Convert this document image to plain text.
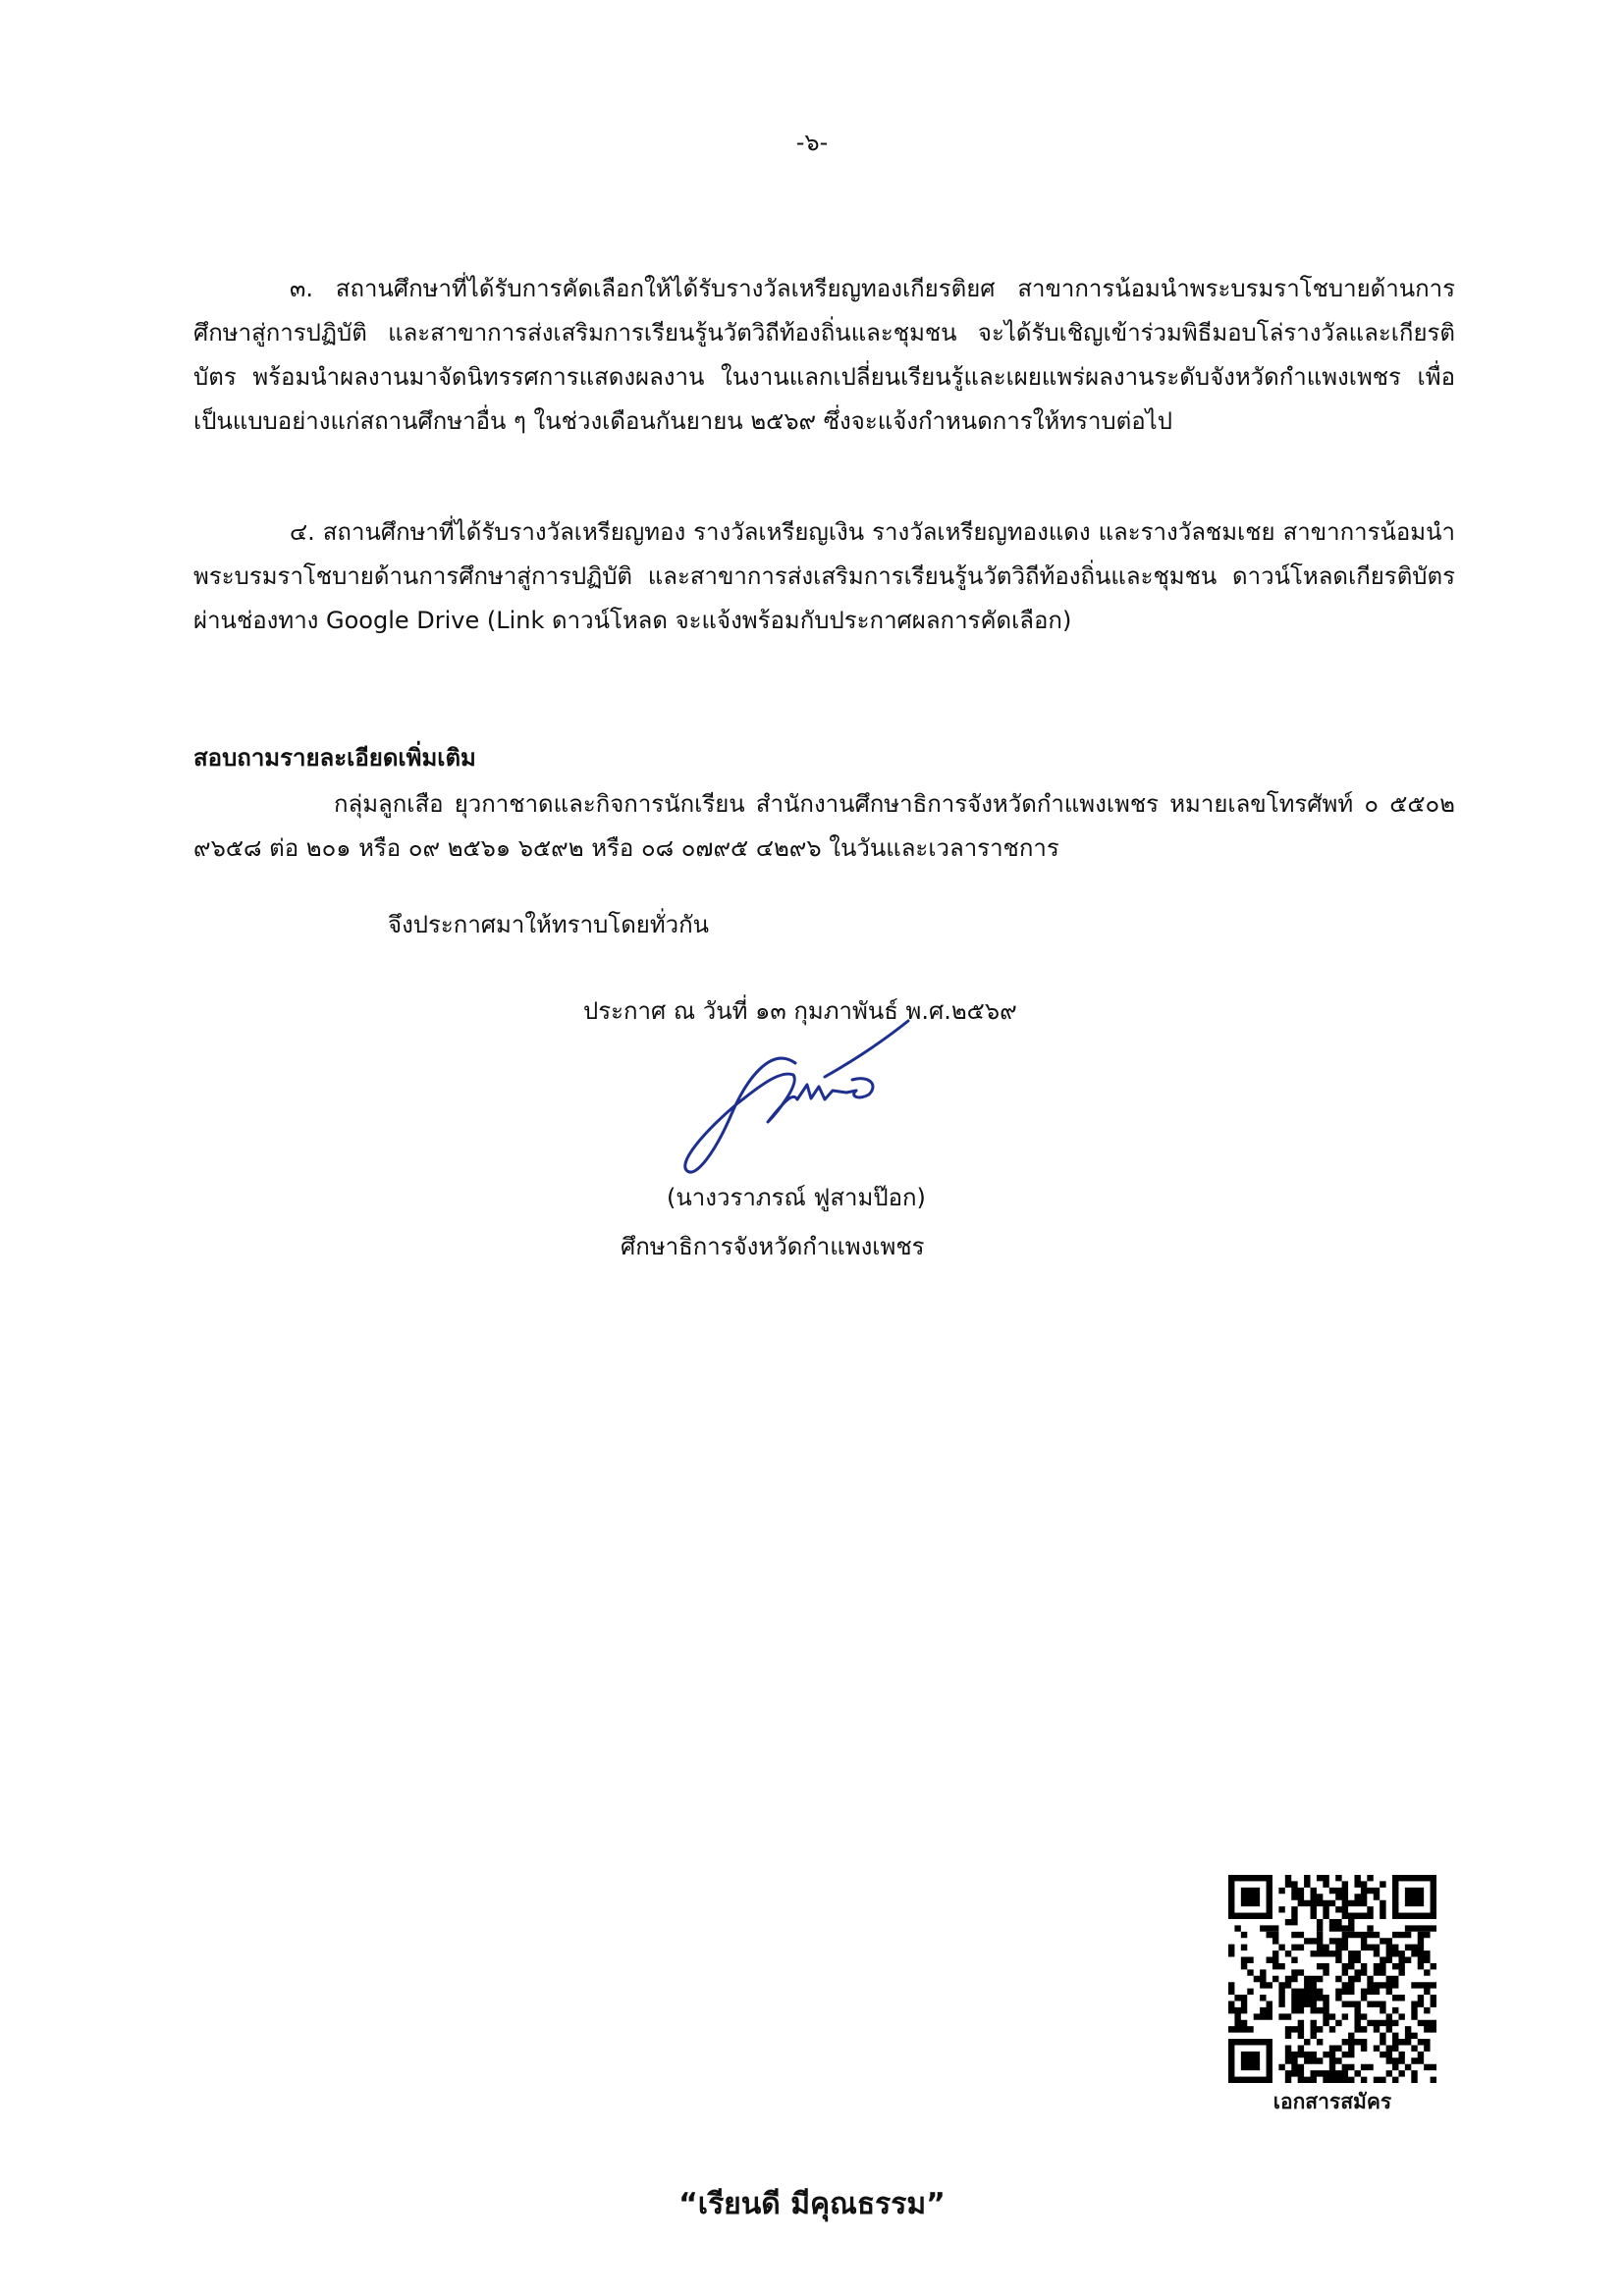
-๖-

๓. สถานศึกษาที่ได้รับการคัดเลือกให้ได้รับรางวัลเหรียญทองเกียรติยศ สาขาการน้อมนำพระบรมราโชบายด้านการศึกษาสู่การปฏิบัติ และสาขาการส่งเสริมการเรียนรู้นวัตวิถีท้องถิ่นและชุมชน จะได้รับเชิญเข้าร่วมพิธีมอบโล่รางวัลและเกียรติบัตร พร้อมนำผลงานมาจัดนิทรรศการแสดงผลงาน ในงานแลกเปลี่ยนเรียนรู้และเผยแพร่ผลงานระดับจังหวัดกำแพงเพชร เพื่อเป็นแบบอย่างแก่สถานศึกษาอื่น ๆ ในช่วงเดือนกันยายน ๒๕๖๙ ซึ่งจะแจ้งกำหนดการให้ทราบต่อไป

๔. สถานศึกษาที่ได้รับรางวัลเหรียญทอง รางวัลเหรียญเงิน รางวัลเหรียญทองแดง และรางวัลชมเชย สาขาการน้อมนำพระบรมราโชบายด้านการศึกษาสู่การปฏิบัติ และสาขาการส่งเสริมการเรียนรู้นวัตวิถีท้องถิ่นและชุมชน ดาวน์โหลดเกียรติบัตรผ่านช่องทาง Google Drive (Link ดาวน์โหลด จะแจ้งพร้อมกับประกาศผลการคัดเลือก)

สอบถามรายละเอียดเพิ่มเติม

กลุ่มลูกเสือ ยุวกาชาดและกิจการนักเรียน สำนักงานศึกษาธิการจังหวัดกำแพงเพชร หมายเลขโทรศัพท์ ๐ ๕๕๐๒ ๙๖๕๘ ต่อ ๒๐๑ หรือ ๐๙ ๒๕๖๑ ๖๕๙๒ หรือ ๐๘ ๐๗๙๕ ๔๒๙๖ ในวันและเวลาราชการ

จึงประกาศมาให้ทราบโดยทั่วกัน
ประกาศ ณ วันที่ ๑๓ กุมภาพันธ์ พ.ศ.๒๕๖๙
(นางวราภรณ์ ฟูสามป๊อก)
ศึกษาธิการจังหวัดกำแพงเพชร
เอกสารสมัคร
“เรียนดี มีคุณธรรม”
